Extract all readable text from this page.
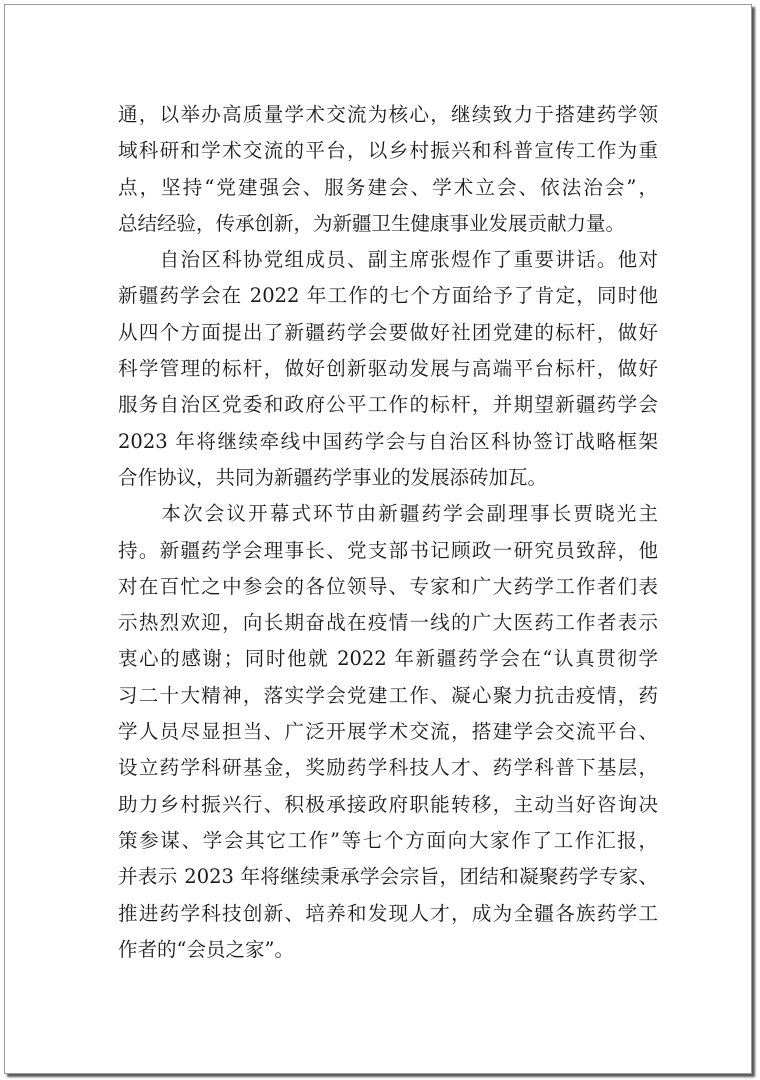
通，以举办高质量学术交流为核心，继续致力于搭建药学领
域科研和学术交流的平台，以乡村振兴和科普宣传工作为重
点，坚持“党建强会、服务建会、学术立会、依法治会”，
总结经验，传承创新，为新疆卫生健康事业发展贡献力量。
　　自治区科协党组成员、副主席张煜作了重要讲话。他对
新疆药学会在 2022 年工作的七个方面给予了肯定，同时他
从四个方面提出了新疆药学会要做好社团党建的标杆，做好
科学管理的标杆，做好创新驱动发展与高端平台标杆，做好
服务自治区党委和政府公平工作的标杆，并期望新疆药学会
2023 年将继续牵线中国药学会与自治区科协签订战略框架
合作协议，共同为新疆药学事业的发展添砖加瓦。
　　本次会议开幕式环节由新疆药学会副理事长贾晓光主
持。新疆药学会理事长、党支部书记顾政一研究员致辞，他
对在百忙之中参会的各位领导、专家和广大药学工作者们表
示热烈欢迎，向长期奋战在疫情一线的广大医药工作者表示
衷心的感谢；同时他就 2022 年新疆药学会在“认真贯彻学
习二十大精神，落实学会党建工作、凝心聚力抗击疫情，药
学人员尽显担当、广泛开展学术交流，搭建学会交流平台、
设立药学科研基金，奖励药学科技人才、药学科普下基层，
助力乡村振兴行、积极承接政府职能转移，主动当好咨询决
策参谋、学会其它工作”等七个方面向大家作了工作汇报，
并表示 2023 年将继续秉承学会宗旨，团结和凝聚药学专家、
推进药学科技创新、培养和发现人才，成为全疆各族药学工
作者的“会员之家”。
